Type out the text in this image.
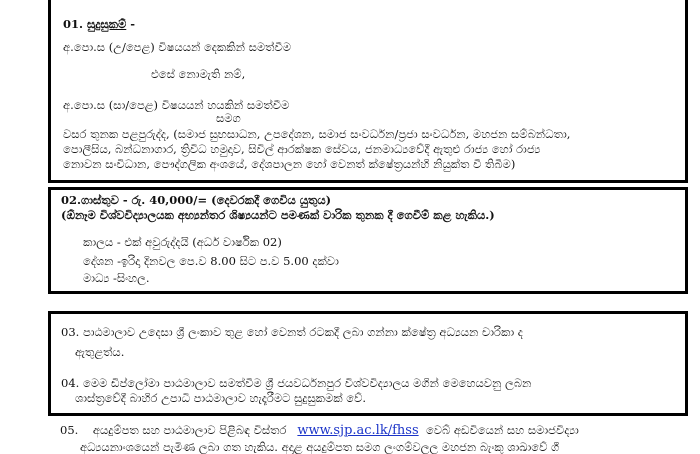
01. සුදුසුකම් -
අ.පො.ස (උ/පෙළ) විෂයයන් දෙකකින් සමත්වීම
එසේ නොමැති නම්,
අ.පො.ස (සා/පෙළ) විෂයයන් හයකින් සමත්වීම
සමග
වසර තුනක පළපුරුද්ද, (සමාජ සුභසාධන, උපදේශන, සමාජ සංවර්ධන/ප්‍රජා සංවර්ධන, මහජන සම්බන්ධතා,
පොලීසිය, බන්ධනාගාර, ත්‍රිවිධ හමුදාව, සිවිල් ආරක්ෂක සේවය, ජනමාධ්‍යවේදී ඇතුළු රාජ්‍ය හෝ රාජ්‍ය
නොවන සංවිධාන, පෞද්ගලික අංශයේ, දේශපාලන හෝ වෙනත් ක්ෂේත්‍රයන්හි නියුක්ත වී තිබීම)
02.ගාස්තුව - රු. 40,000/= (දෙවරකදී ගෙවිය යුතුය)
(ඕනෑම විශ්වවිද්‍යාලයක අභ්‍යන්තර ශිෂ්‍යයන්ට පමණක් වාරික තුනක දී ගෙවීම් කළ හැකිය.)
කාලය - එක් අවුරුද්දයි (අර්ධ වාර්ෂික 02)
දේශන -ඉරිදා දිනවල පෙ.ව 8.00 සිට ප.ව 5.00 දක්වා
මාධ්‍ය -සිංහල.
03. පාඨමාලාව උදෙසා ශ්‍රී ලංකාව තුළ හෝ වෙනත් රටකදී ලබා ගන්නා ක්ෂේත්‍ර අධ්‍යයන චාරිකා ද
ඇතුළත්ය.
04. මෙම ඩිප්ලෝමා පාඨමාලාව සමත්වීම ශ්‍රී ජයවර්ධනපුර විශ්වවිද්‍යාලය මගින් මෙහෙයවනු ලබන
ශාස්ත්‍රවේදී බාහිර උපාධි පාඨමාලාව හැදෑරීමට සුදුසුකමක් වේ.
05. අයදුම්පත සහ පාඨමාලාව පිළිබඳ විස්තර www.sjp.ac.lk/fhss වෙබ් අඩවියෙන් සහ සමාජවිද්‍යා
අධ්‍යයනාංශයෙන් පැමිණ ලබා ගත හැකිය. අදාළ අයදුම්පත සමග ලංගම්වලල මහජන බැංකු ශාඛාවේ ගී
